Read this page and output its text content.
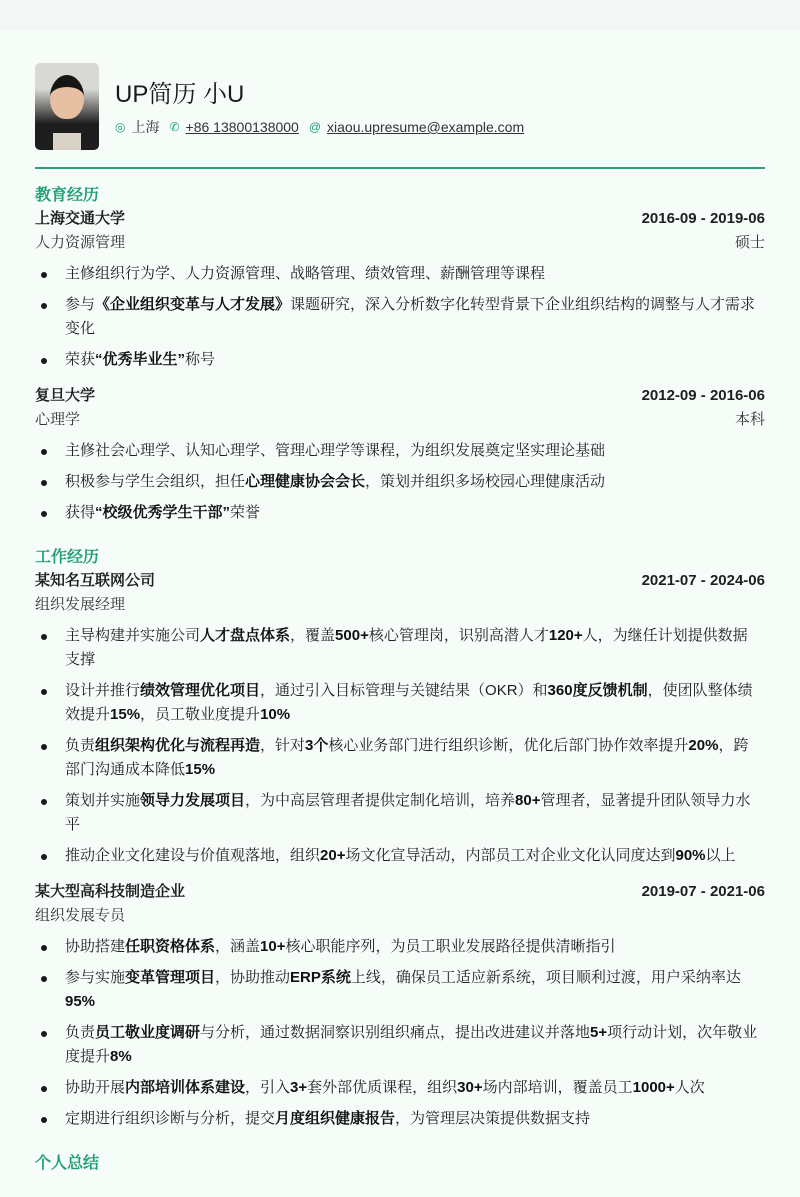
UP简历 小U
◎ 上海 ✆ +86 13800138000 @ xiaou.upresume@example.com
教育经历
上海交通大学	2016-09 - 2019-06
人力资源管理	硕士
主修组织行为学、人力资源管理、战略管理、绩效管理、薪酬管理等课程
参与《企业组织变革与人才发展》课题研究，深入分析数字化转型背景下企业组织结构的调整与人才需求变化
荣获“优秀毕业生”称号
复旦大学	2012-09 - 2016-06
心理学	本科
主修社会心理学、认知心理学、管理心理学等课程，为组织发展奠定坚实理论基础
积极参与学生会组织，担任心理健康协会会长，策划并组织多场校园心理健康活动
获得“校级优秀学生干部”荣誉
工作经历
某知名互联网公司	2021-07 - 2024-06
组织发展经理
主导构建并实施公司人才盘点体系，覆盖500+核心管理岗，识别高潜人才120+人，为继任计划提供数据支撑
设计并推行绩效管理优化项目，通过引入目标管理与关键结果（OKR）和360度反馈机制，使团队整体绩效提升15%，员工敬业度提升10%
负责组织架构优化与流程再造，针对3个核心业务部门进行组织诊断，优化后部门协作效率提升20%，跨部门沟通成本降低15%
策划并实施领导力发展项目，为中高层管理者提供定制化培训，培养80+管理者，显著提升团队领导力水平
推动企业文化建设与价值观落地，组织20+场文化宣导活动，内部员工对企业文化认同度达到90%以上
某大型高科技制造企业	2019-07 - 2021-06
组织发展专员
协助搭建任职资格体系，涵盖10+核心职能序列，为员工职业发展路径提供清晰指引
参与实施变革管理项目，协助推动ERP系统上线，确保员工适应新系统，项目顺利过渡，用户采纳率达95%
负责员工敬业度调研与分析，通过数据洞察识别组织痛点，提出改进建议并落地5+项行动计划，次年敬业度提升8%
协助开展内部培训体系建设，引入3+套外部优质课程，组织30+场内部培训，覆盖员工1000+人次
定期进行组织诊断与分析，提交月度组织健康报告，为管理层决策提供数据支持
个人总结
